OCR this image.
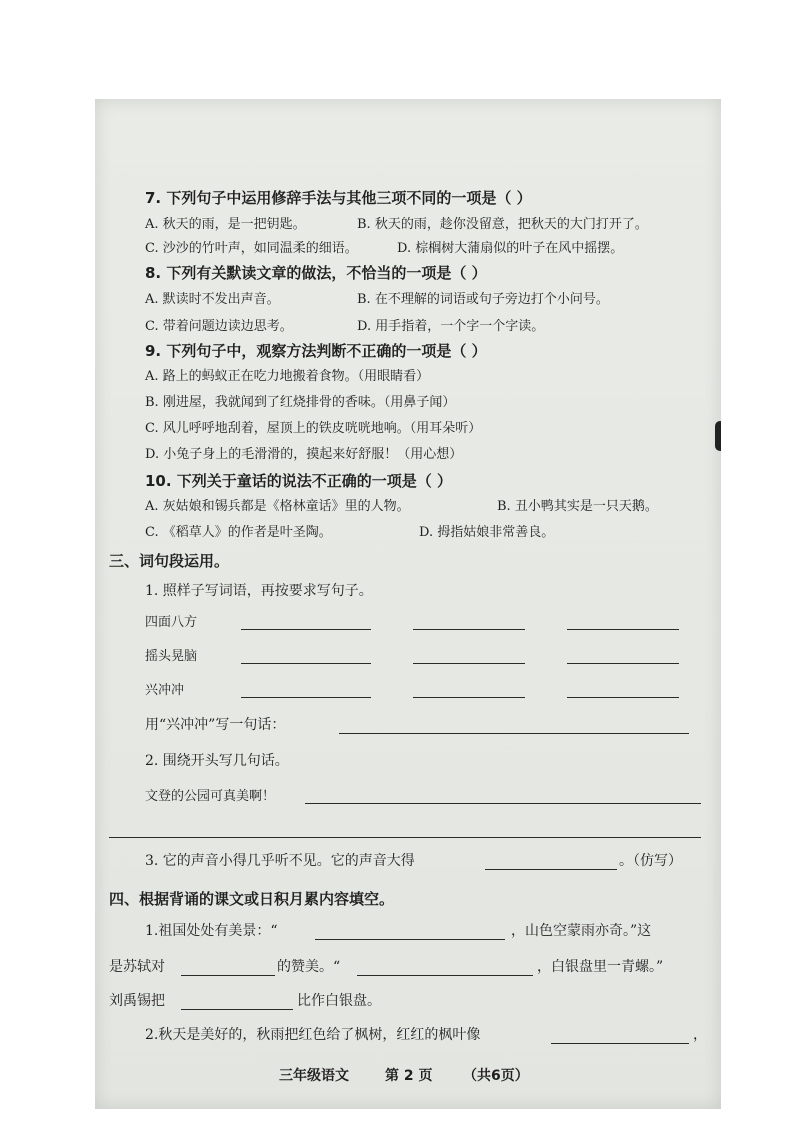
7. 下列句子中运用修辞手法与其他三项不同的一项是（ ）
A. 秋天的雨，是一把钥匙。	B. 秋天的雨，趁你没留意，把秋天的大门打开了。
C. 沙沙的竹叶声，如同温柔的细语。	D. 棕榈树大蒲扇似的叶子在风中摇摆。
8. 下列有关默读文章的做法，不恰当的一项是（ ）
A. 默读时不发出声音。	B. 在不理解的词语或句子旁边打个小问号。
C. 带着问题边读边思考。	D. 用手指着，一个字一个字读。
9. 下列句子中，观察方法判断不正确的一项是（ ）
A. 路上的蚂蚁正在吃力地搬着食物。（用眼睛看）
B. 刚进屋，我就闻到了红烧排骨的香味。（用鼻子闻）
C. 风儿呼呼地刮着，屋顶上的铁皮咣咣地响。（用耳朵听）
D. 小兔子身上的毛滑滑的，摸起来好舒服！（用心想）
10. 下列关于童话的说法不正确的一项是（ ）
A. 灰姑娘和锡兵都是《格林童话》里的人物。	B. 丑小鸭其实是一只天鹅。
C. 《稻草人》的作者是叶圣陶。	D. 拇指姑娘非常善良。
三、词句段运用。
1. 照样子写词语，再按要求写句子。
四面八方
摇头晃脑
兴冲冲
用“兴冲冲”写一句话：
2. 围绕开头写几句话。
文登的公园可真美啊！
3. 它的声音小得几乎听不见。它的声音大得	。（仿写）
四、根据背诵的课文或日积月累内容填空。
1.祖国处处有美景：“	，山色空蒙雨亦奇。”这
是苏轼对	的赞美。“	，白银盘里一青螺。”
刘禹锡把	比作白银盘。
2.秋天是美好的，秋雨把红色给了枫树，红红的枫叶像	，
三年级语文	第 2 页 （共6页）
